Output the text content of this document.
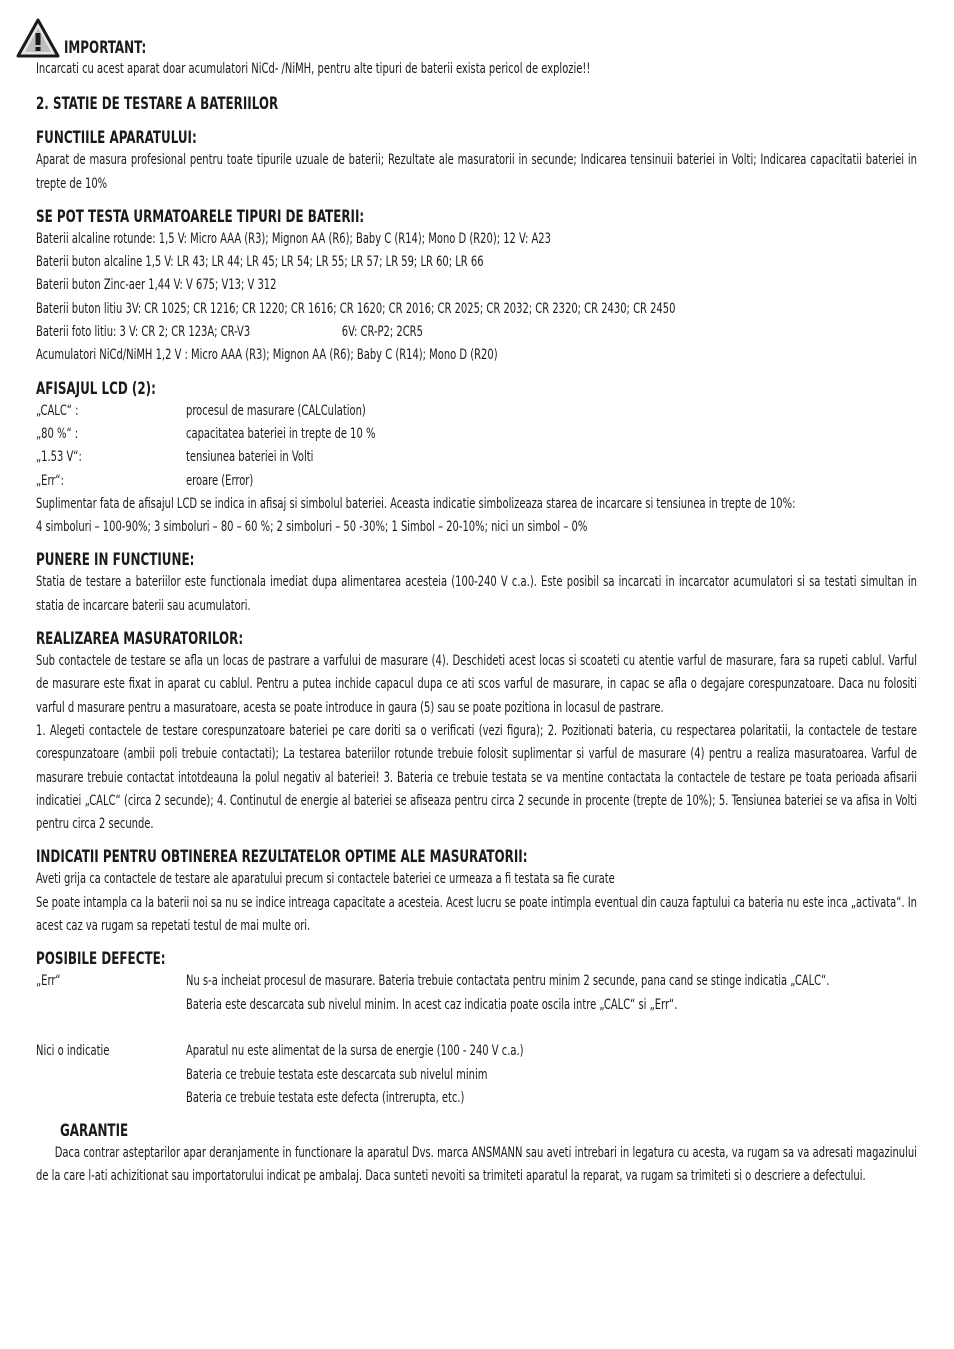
IMPORTANT:
Incarcati cu acest aparat doar acumulatori NiCd- /NiMH, pentru alte tipuri de baterii exista pericol de explozie!!
2. STATIE DE TESTARE A BATERIILOR
FUNCTIILE APARATULUI:
Aparat de masura profesional pentru toate tipurile uzuale de baterii; Rezultate ale masuratorii in secunde; Indicarea tensinuii bateriei in Volti; Indicarea capacitatii bateriei in trepte de 10%
SE POT TESTA URMATOARELE TIPURI DE BATERII:
Baterii alcaline rotunde: 1,5 V: Micro AAA (R3); Mignon AA (R6); Baby C (R14); Mono D (R20); 12 V: A23
Baterii buton alcaline 1,5 V: LR 43; LR 44; LR 45; LR 54; LR 55; LR 57; LR 59; LR 60; LR 66
Baterii buton Zinc-aer 1,44 V: V 675; V13; V 312
Baterii buton litiu 3V: CR 1025; CR 1216; CR 1220; CR 1616; CR 1620; CR 2016; CR 2025; CR 2032; CR 2320; CR 2430; CR 2450
Baterii foto litiu: 3 V: CR 2; CR 123A; CR-V3	6V: CR-P2; 2CR5
Acumulatori NiCd/NiMH 1,2 V : Micro AAA (R3); Mignon AA (R6); Baby C (R14); Mono D (R20)
AFISAJUL LCD (2):
„CALC“ :	procesul de masurare (CALCulation)
„80 %“ :	capacitatea bateriei in trepte de 10 %
„1.53 V“:	tensiunea bateriei in Volti
„Err“:	eroare (Error)
Suplimentar fata de afisajul LCD se indica in afisaj si simbolul bateriei. Aceasta indicatie simbolizeaza starea de incarcare si tensiunea in trepte de 10%:
4 simboluri – 100-90%; 3 simboluri – 80 – 60 %; 2 simboluri – 50 -30%; 1 Simbol – 20-10%; nici un simbol – 0%
PUNERE IN FUNCTIUNE:
Statia de testare a bateriilor este functionala imediat dupa alimentarea acesteia (100-240 V c.a.). Este posibil sa incarcati in incarcator acumulatori si sa testati simultan in statia de incarcare baterii sau acumulatori.
REALIZAREA MASURATORILOR:
Sub contactele de testare se afla un locas de pastrare a varfului de masurare (4). Deschideti acest locas si scoateti cu atentie varful de masurare, fara sa rupeti cablul. Varful de masurare este fixat in aparat cu cablul. Pentru a putea inchide capacul dupa ce ati scos varful de masurare, in capac se afla o degajare corespunzatoare. Daca nu folositi varful d masurare pentru a masuratoare, acesta se poate introduce in gaura (5) sau se poate pozitiona in locasul de pastrare.
1. Alegeti contactele de testare corespunzatoare bateriei pe care doriti sa o verificati (vezi figura); 2. Pozitionati bateria, cu respectarea polaritatii, la contactele de testare corespunzatoare (ambii poli trebuie contactati); La testarea bateriilor rotunde trebuie folosit suplimentar si varful de masurare (4) pentru a realiza masuratoarea. Varful de masurare trebuie contactat intotdeauna la polul negativ al bateriei! 3. Bateria ce trebuie testata se va mentine contactata la contactele de testare pe toata perioada afisarii indicatiei „CALC“ (circa 2 secunde); 4. Continutul de energie al bateriei se afiseaza pentru circa 2 secunde in procente (trepte de 10%); 5. Tensiunea bateriei se va afisa in Volti pentru circa 2 secunde.
INDICATII PENTRU OBTINEREA REZULTATELOR OPTIME ALE MASURATORII:
Aveti grija ca contactele de testare ale aparatului precum si contactele bateriei ce urmeaza a fi testata sa fie curate
Se poate intampla ca la baterii noi sa nu se indice intreaga capacitate a acesteia. Acest lucru se poate intimpla eventual din cauza faptului ca bateria nu este inca „activata“. In acest caz va rugam sa repetati testul de mai multe ori.
POSIBILE DEFECTE:
„Err“	Nu s-a incheiat procesul de masurare. Bateria trebuie contactata pentru minim 2 secunde, pana cand se stinge indicatia „CALC“.
Bateria este descarcata sub nivelul minim. In acest caz indicatia poate oscila intre „CALC“ si „Err“.
Nici o indicatie	Aparatul nu este alimentat de la sursa de energie (100 - 240 V c.a.)
Bateria ce trebuie testata este descarcata sub nivelul minim
Bateria ce trebuie testata este defecta (intrerupta, etc.)
GARANTIE
Daca contrar asteptarilor apar deranjamente in functionare la aparatul Dvs. marca ANSMANN sau aveti intrebari in legatura cu acesta, va rugam sa va adresati magazinului de la care l-ati achizitionat sau importatorului indicat pe ambalaj. Daca sunteti nevoiti sa trimiteti aparatul la reparat, va rugam sa trimiteti si o descriere a defectului.
